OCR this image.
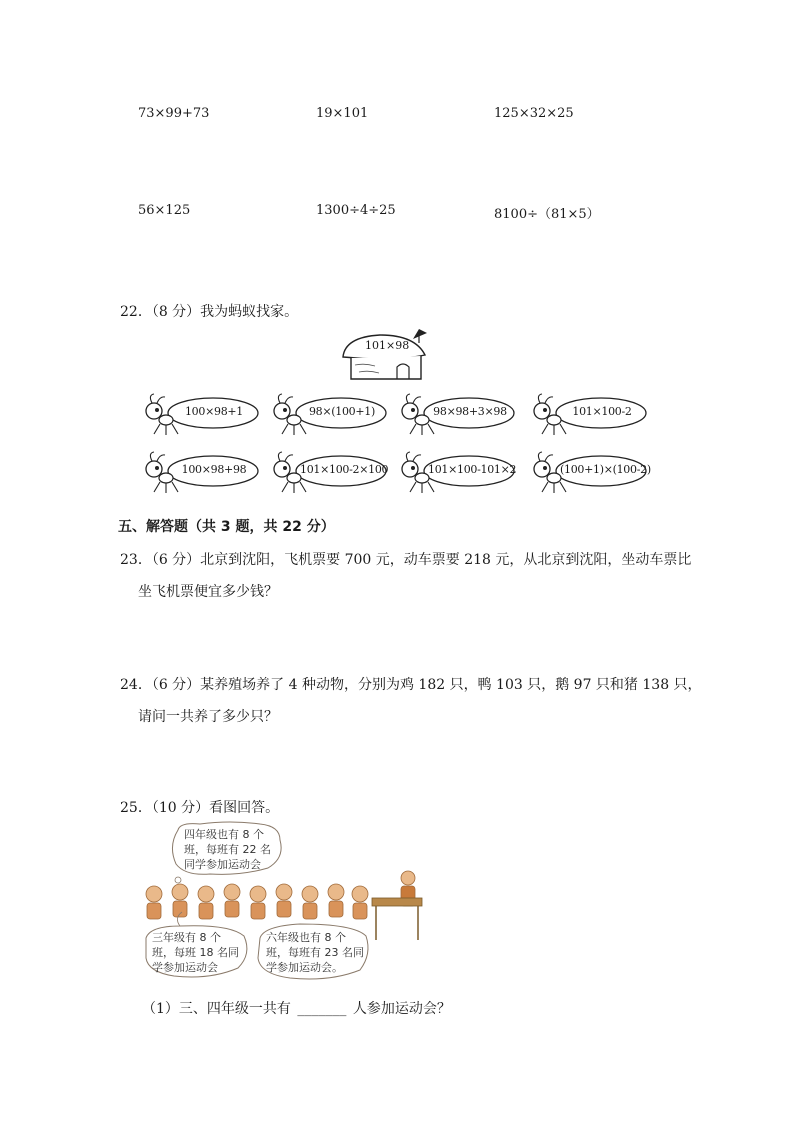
73×99+73	19×101	125×32×25
56×125	1300÷4÷25	8100÷（81×5）
22．（8 分）我为蚂蚁找家。
101×98
100×98+1	98×(100+1)	98×98+3×98	101×100-2
100×98+98	101×100-2×100	101×100-101×2	(100+1)×(100-2)
五、解答题（共 3 题，共 22 分）
23．（6 分）北京到沈阳，飞机票要 700 元，动车票要 218 元，从北京到沈阳，坐动车票比
坐飞机票便宜多少钱？
24．（6 分）某养殖场养了 4 种动物，分别为鸡 182 只，鸭 103 只，鹅 97 只和猪 138 只，
请问一共养了多少只？
25．（10 分）看图回答。
四年级也有 8 个
班，每班有 22 名
同学参加运动会
三年级有 8 个
班，每班 18 名同
学参加运动会
六年级也有 8 个
班，每班有 23 名同
学参加运动会。
（1）三、四年级一共有 _______ 人参加运动会？
